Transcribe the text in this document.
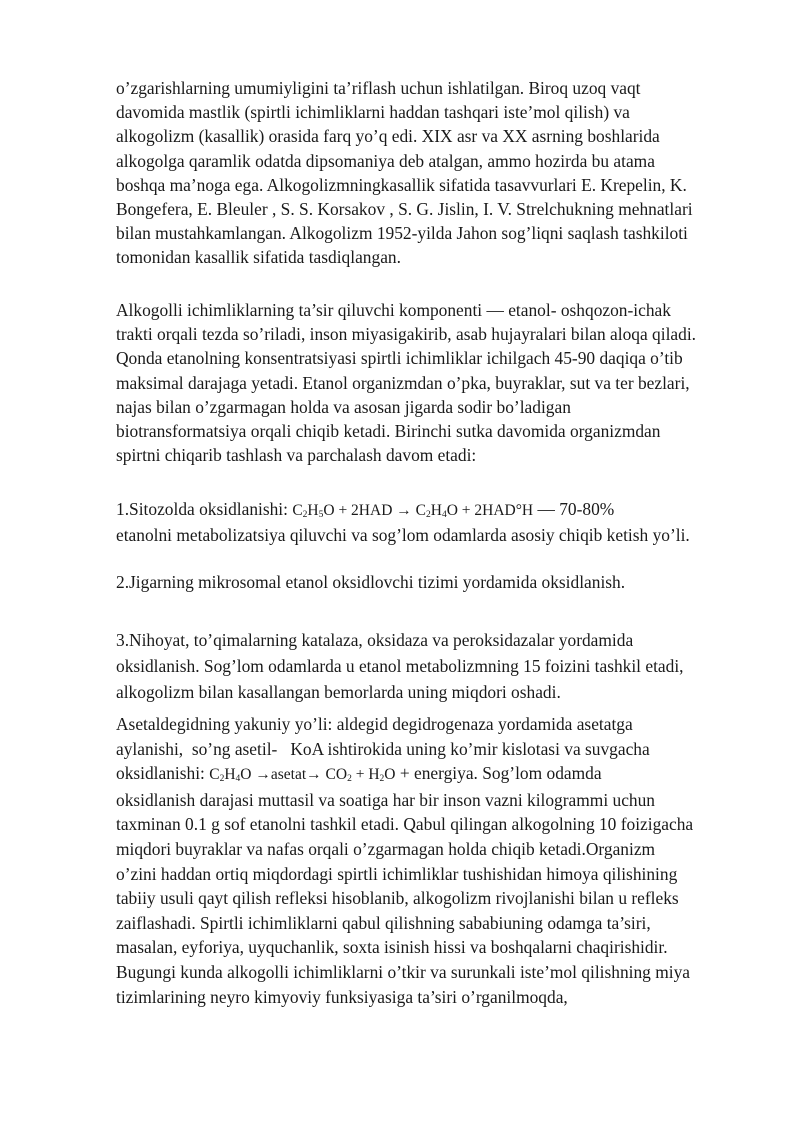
o’zgarishlarning umumiyligini ta’riflash uchun ishlatilgan. Biroq uzoq vaqt
davomida mastlik (spirtli ichimliklarni haddan tashqari iste’mol qilish) va
alkogolizm (kasallik) orasida farq yo’q edi. XIX asr va XX asrning boshlarida
alkogolga qaramlik odatda dipsomaniya deb atalgan, ammo hozirda bu atama
boshqa ma’noga ega. Alkogolizmningkasallik sifatida tasavvurlari E. Krepelin, K.
Bongefera, E. Bleuler , S. S. Korsakov , S. G. Jislin, I. V. Strelchukning mehnatlari
bilan mustahkamlangan. Alkogolizm 1952-yilda Jahon sog’liqni saqlash tashkiloti
tomonidan kasallik sifatida tasdiqlangan.
Alkogolli ichimliklarning ta’sir qiluvchi komponenti — etanol- oshqozon-ichak
trakti orqali tezda so’riladi, inson miyasigakirib, asab hujayralari bilan aloqa qiladi.
Qonda etanolning konsentratsiyasi spirtli ichimliklar ichilgach 45-90 daqiqa o’tib
maksimal darajaga yetadi. Etanol organizmdan o’pka, buyraklar, sut va ter bezlari,
najas bilan o’zgarmagan holda va asosan jigarda sodir bo’ladigan
biotransformatsiya orqali chiqib ketadi. Birinchi sutka davomida organizmdan
spirtni chiqarib tashlash va parchalash davom etadi:
1.Sitozolda oksidlanishi: $C_2H_5O + 2HAD \to C_2H_4O + 2HAD^\circ H$ — 70-80%
etanolni metabolizatsiya qiluvchi va sog’lom odamlarda asosiy chiqib ketish yo’li.
2.Jigarning mikrosomal etanol oksidlovchi tizimi yordamida oksidlanish.
3.Nihoyat, to’qimalarning katalaza, oksidaza va peroksidazalar yordamida
oksidlanish. Sog’lom odamlarda u etanol metabolizmning 15 foizini tashkil etadi,
alkogolizm bilan kasallangan bemorlarda uning miqdori oshadi.
Asetaldegidning yakuniy yo’li: aldegid degidrogenaza yordamida asetatga
aylanishi,  so’ng asetil-   KoA ishtirokida uning ko’mir kislotasi va suvgacha
oksidlanishi: $C_2H_4O$ →asetat→ $CO_2 + H_2O$ + energiya. Sog’lom odamda
oksidlanish darajasi muttasil va soatiga har bir inson vazni kilogrammi uchun
taxminan 0.1 g sof etanolni tashkil etadi. Qabul qilingan alkogolning 10 foizigacha
miqdori buyraklar va nafas orqali o’zgarmagan holda chiqib ketadi.Organizm
o’zini haddan ortiq miqdordagi spirtli ichimliklar tushishidan himoya qilishining
tabiiy usuli qayt qilish refleksi hisoblanib, alkogolizm rivojlanishi bilan u refleks
zaiflashadi. Spirtli ichimliklarni qabul qilishning sababiuning odamga ta’siri,
masalan, eyforiya, uyquchanlik, soxta isinish hissi va boshqalarni chaqirishidir.
Bugungi kunda alkogolli ichimliklarni o’tkir va surunkali iste’mol qilishning miya
tizimlarining neyro kimyoviy funksiyasiga ta’siri o’rganilmoqda,
